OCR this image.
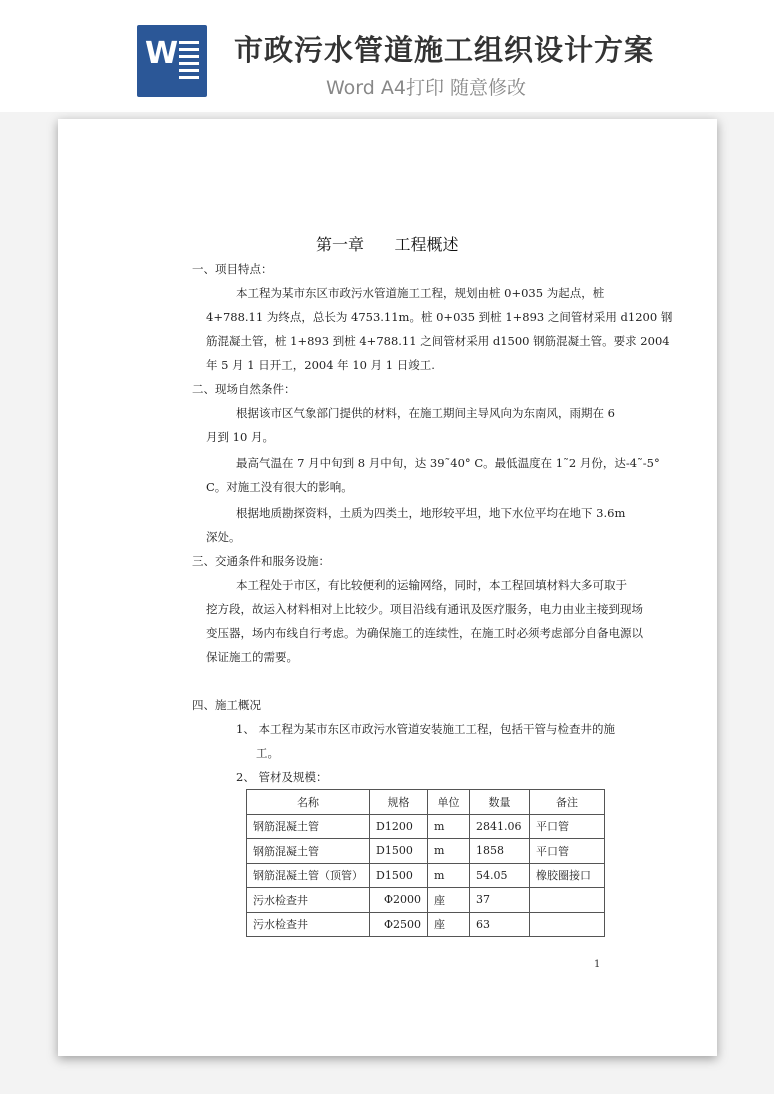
W 市政污水管道施工组织设计方案
Word A4打印 随意修改
第一章      工程概述
一、项目特点：
本工程为某市东区市政污水管道施工工程，规划由桩 0+035 为起点，桩
4+788.11 为终点，总长为 4753.11m。桩 0+035 到桩 1+893 之间管材采用 d1200 钢
筋混凝土管，桩 1+893 到桩 4+788.11 之间管材采用 d1500 钢筋混凝土管。要求 2004
年 5 月 1 日开工，2004 年 10 月 1 日竣工.
二、现场自然条件：
根据该市区气象部门提供的材料，在施工期间主导风向为东南风，雨期在 6
月到 10 月。
最高气温在 7 月中旬到 8 月中旬，达 39˜40° C。最低温度在 1˜2 月份，达-4˜-5°
C。对施工没有很大的影响。
根据地质勘探资料，土质为四类土，地形较平坦，地下水位平均在地下 3.6m
深处。
三、交通条件和服务设施：
本工程处于市区，有比较便利的运输网络，同时，本工程回填材料大多可取于
挖方段，故运入材料相对上比较少。项目沿线有通讯及医疗服务，电力由业主接到现场
变压器，场内布线自行考虑。为确保施工的连续性，在施工时必须考虑部分自备电源以
保证施工的需要。
四、施工概况
1、 本工程为某市东区市政污水管道安装施工工程，包括干管与检查井的施
工。
2、 管材及规模：
名称	规格	单位	数量	备注
钢筋混凝土管	D1200	m	2841.06	平口管
钢筋混凝土管	D1500	m	1858	平口管
钢筋混凝土管（顶管）	D1500	m	54.05	橡胶圈接口
污水检查井	Φ2000	座	37	
污水检查井	Φ2500	座	63	
1
